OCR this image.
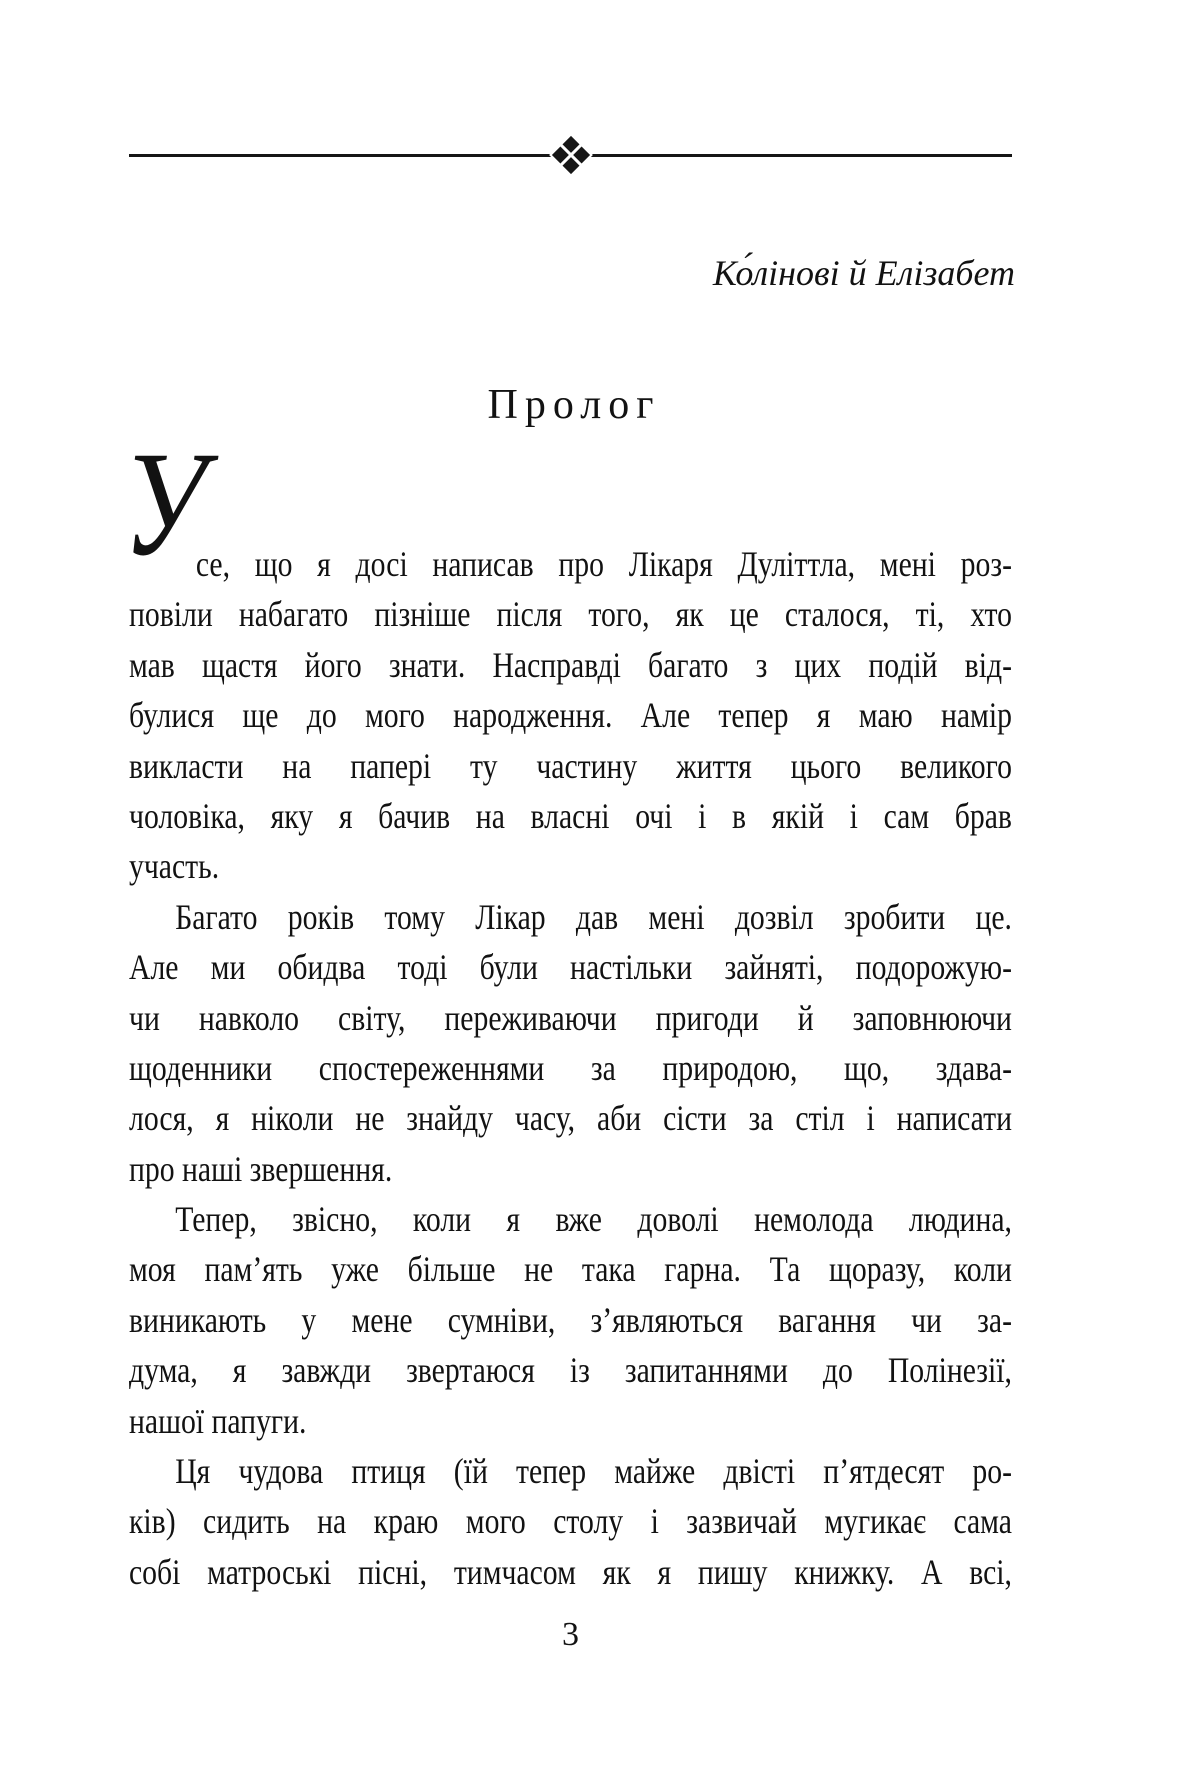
Ко́лінові й Елізабет
Пролог
У
се, що я досі написав про Лікаря Дуліттла, мені роз-
повіли набагато пізніше після того, як це сталося, ті, хто
мав щастя його знати. Насправді багато з цих подій від-
булися ще до мого народження. Але тепер я маю намір
викласти на папері ту частину життя цього великого
чоловіка, яку я бачив на власні очі і в якій і сам брав
участь.
Багато років тому Лікар дав мені дозвіл зробити це.
Але ми обидва тоді були настільки зайняті, подорожую-
чи навколо світу, переживаючи пригоди й заповнюючи
щоденники спостереженнями за природою, що, здава-
лося, я ніколи не знайду часу, аби сісти за стіл і написати
про наші звершення.
Тепер, звісно, коли я вже доволі немолода людина,
моя пам’ять уже більше не така гарна. Та щоразу, коли
виникають у мене сумніви, з’являються вагання чи за-
дума, я завжди звертаюся із запитаннями до Полінезії,
нашої папуги.
Ця чудова птиця (їй тепер майже двісті п’ятдесят ро-
ків) сидить на краю мого столу і зазвичай мугикає сама
собі матроські пісні, тимчасом як я пишу книжку. А всі,
3
